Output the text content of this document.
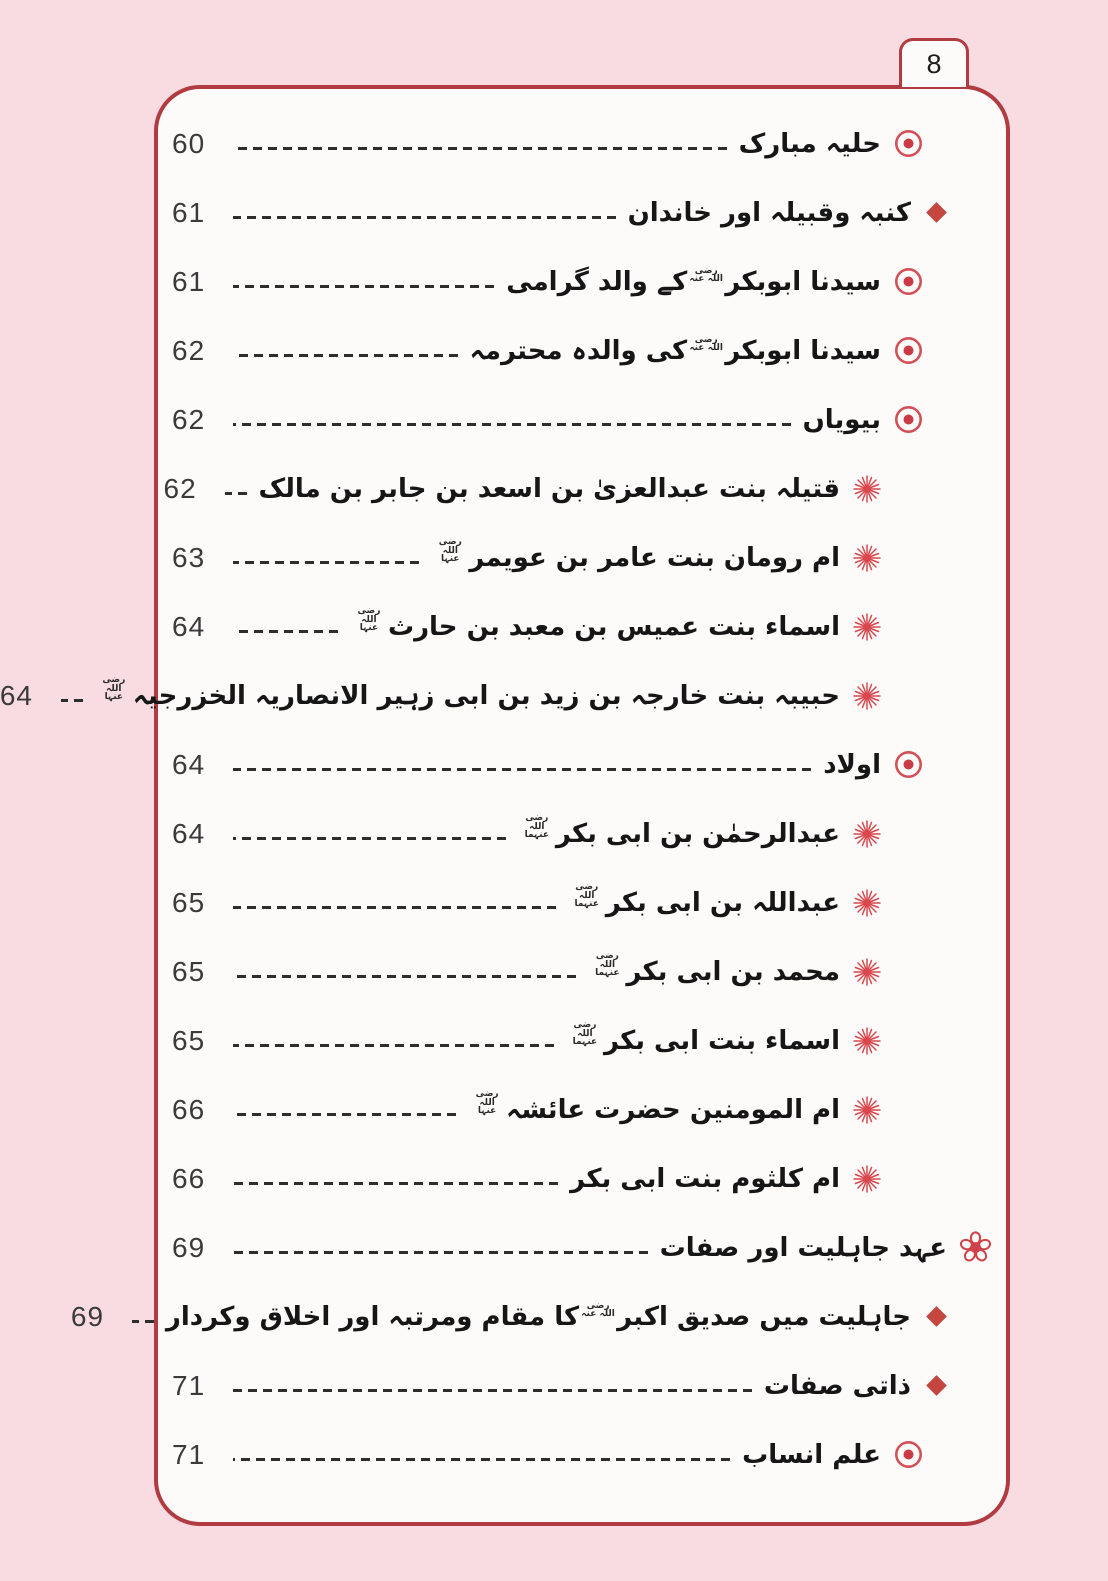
8
حلیہ مبارک
60
کنبہ وقبیلہ اور خاندان
61
سیدنا ابوبکررضی اللہ عنہ‏کے والد گرامی
61
سیدنا ابوبکررضی اللہ عنہ‏کی والدہ محترمہ
62
بیویاں
62
قتیلہ بنت عبدالعزیٰ بن اسعد بن جابر بن مالک
62
ام رومان بنت عامر بن عویمررضی اللہ عنہا
63
اسماء بنت عمیس بن معبد بن حارثرضی اللہ عنہا
64
حبیبہ بنت خارجہ بن زید بن ابی زہیر الانصاریہ الخزرجیہرضی اللہ عنہا
64
اولاد
64
عبدالرحمٰن بن ابی بکررضی اللہ عنہما
64
عبداللہ بن ابی بکررضی اللہ عنہما
65
محمد بن ابی بکررضی اللہ عنہما
65
اسماء بنت ابی بکررضی اللہ عنہما
65
ام المومنین حضرت عائشہرضی اللہ عنہا
66
ام کلثوم بنت ابی بکر
66
عہد جاہلیت اور صفات
69
جاہلیت میں صدیق اکبررضی اللہ عنہ‏کا مقام ومرتبہ اور اخلاق وکردار
69
ذاتی صفات
71
علم انساب
71
